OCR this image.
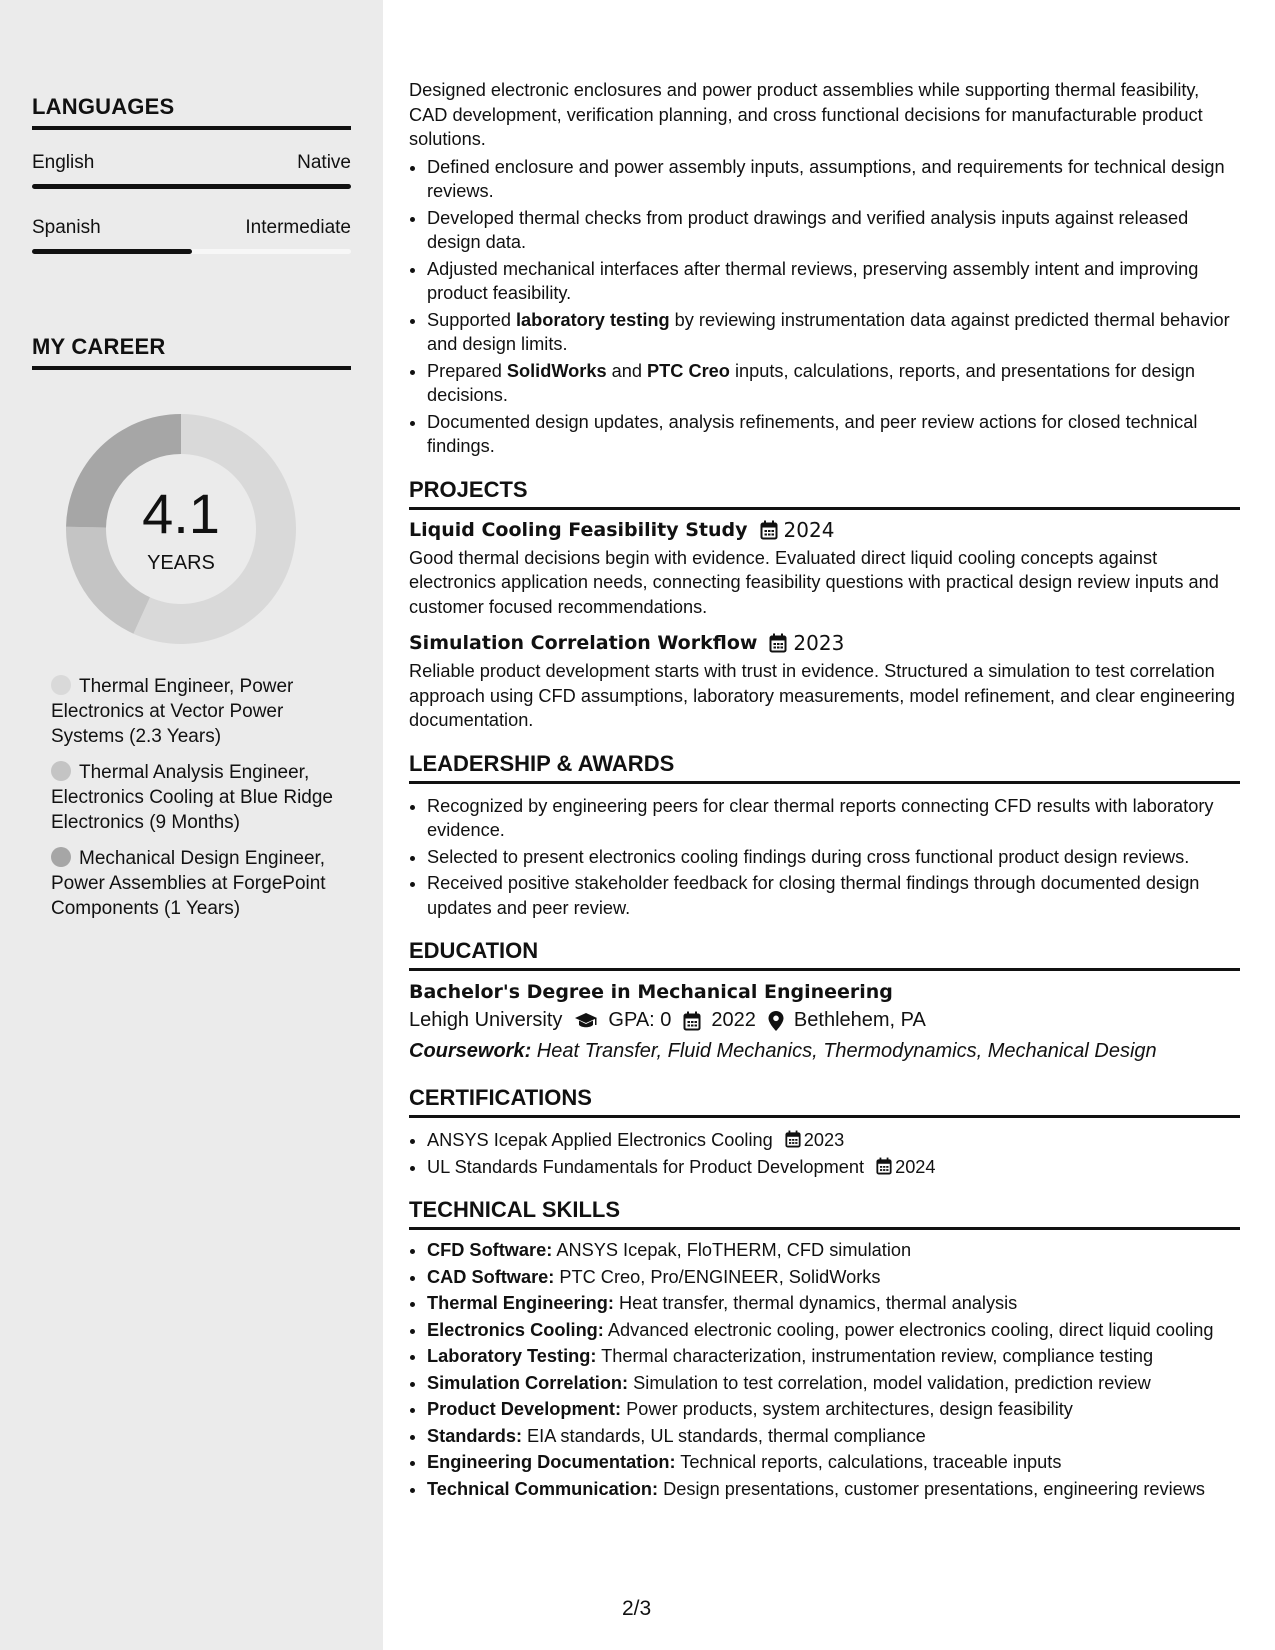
LANGUAGES
English	Native
Spanish	Intermediate
MY CAREER
4.1
YEARS
Thermal Engineer, Power Electronics at Vector Power Systems (2.3 Years)
Thermal Analysis Engineer, Electronics Cooling at Blue Ridge Electronics (9 Months)
Mechanical Design Engineer, Power Assemblies at ForgePoint Components (1 Years)

Designed electronic enclosures and power product assemblies while supporting thermal feasibility, CAD development, verification planning, and cross functional decisions for manufacturable product solutions.

• Defined enclosure and power assembly inputs, assumptions, and requirements for technical design reviews.
• Developed thermal checks from product drawings and verified analysis inputs against released design data.
• Adjusted mechanical interfaces after thermal reviews, preserving assembly intent and improving product feasibility.
• Supported laboratory testing by reviewing instrumentation data against predicted thermal behavior and design limits.
• Prepared SolidWorks and PTC Creo inputs, calculations, reports, and presentations for design decisions.
• Documented design updates, analysis refinements, and peer review actions for closed technical findings.
PROJECTS
Liquid Cooling Feasibility Study 2024

Good thermal decisions begin with evidence. Evaluated direct liquid cooling concepts against electronics application needs, connecting feasibility questions with practical design review inputs and customer focused recommendations.

Simulation Correlation Workflow 2023

Reliable product development starts with trust in evidence. Structured a simulation to test correlation approach using CFD assumptions, laboratory measurements, model refinement, and clear engineering documentation.

LEADERSHIP & AWARDS
• Recognized by engineering peers for clear thermal reports connecting CFD results with laboratory evidence.
• Selected to present electronics cooling findings during cross functional product design reviews.
• Received positive stakeholder feedback for closing thermal findings through documented design updates and peer review.
EDUCATION
Bachelor's Degree in Mechanical Engineering
Lehigh University GPA: 0 2022 Bethlehem, PA
Coursework: Heat Transfer, Fluid Mechanics, Thermodynamics, Mechanical Design
CERTIFICATIONS
• ANSYS Icepak Applied Electronics Cooling 2023
• UL Standards Fundamentals for Product Development 2024
TECHNICAL SKILLS
• CFD Software: ANSYS Icepak, FloTHERM, CFD simulation
• CAD Software: PTC Creo, Pro/ENGINEER, SolidWorks
• Thermal Engineering: Heat transfer, thermal dynamics, thermal analysis
• Electronics Cooling: Advanced electronic cooling, power electronics cooling, direct liquid cooling
• Laboratory Testing: Thermal characterization, instrumentation review, compliance testing
• Simulation Correlation: Simulation to test correlation, model validation, prediction review
• Product Development: Power products, system architectures, design feasibility
• Standards: EIA standards, UL standards, thermal compliance
• Engineering Documentation: Technical reports, calculations, traceable inputs
• Technical Communication: Design presentations, customer presentations, engineering reviews
2/3
